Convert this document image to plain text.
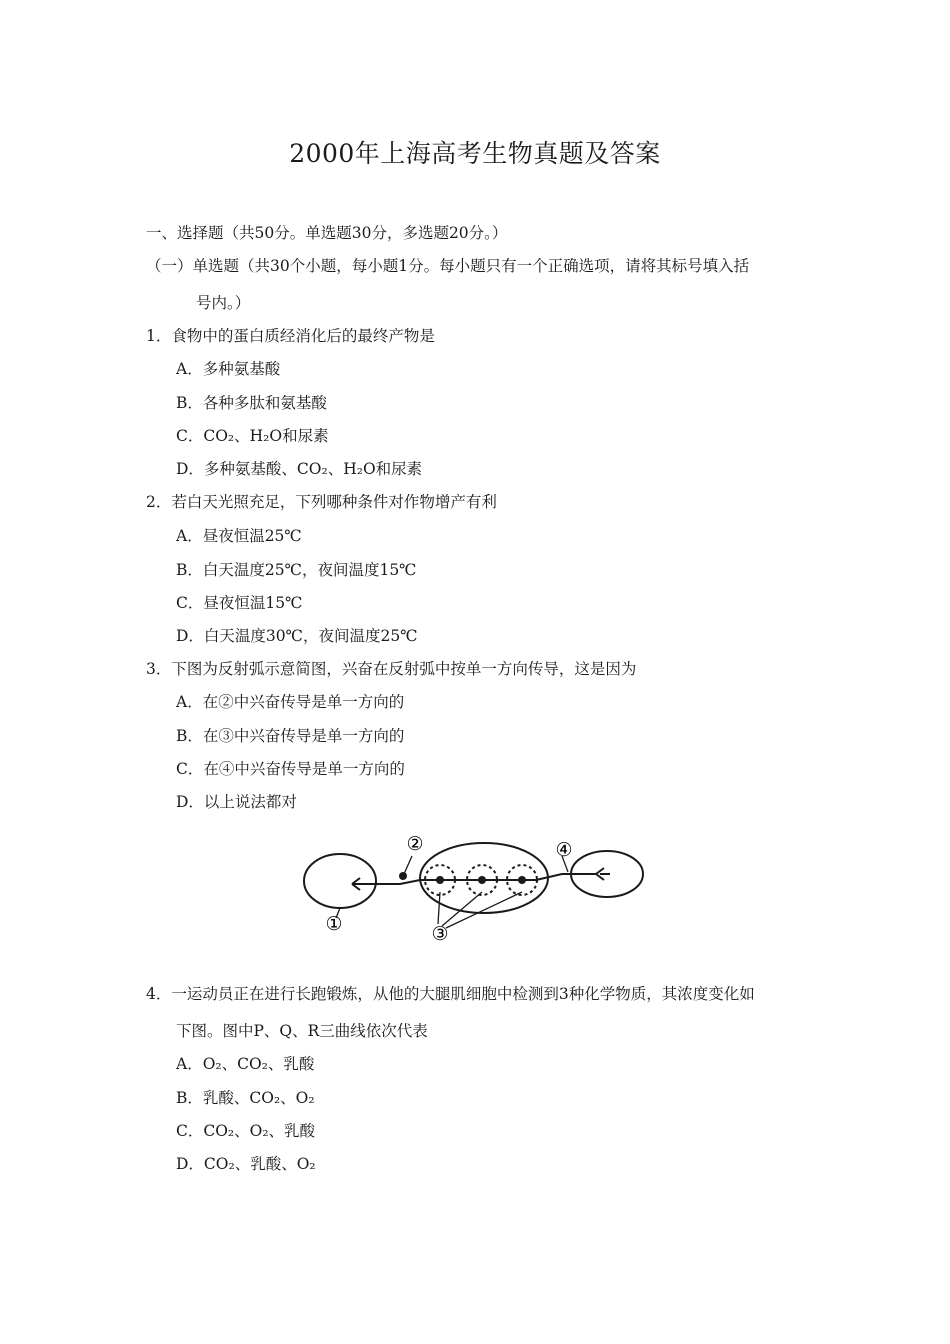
2000年上海高考生物真题及答案
一、选择题（共50分。单选题30分，多选题20分。）
（一）单选题（共30个小题，每小题1分。每小题只有一个正确选项，请将其标号填入括
号内。）
1．食物中的蛋白质经消化后的最终产物是
A．多种氨基酸
B．各种多肽和氨基酸
C．CO₂、H₂O和尿素
D．多种氨基酸、CO₂、H₂O和尿素
2．若白天光照充足，下列哪种条件对作物增产有利
A．昼夜恒温25℃
B．白天温度25℃，夜间温度15℃
C．昼夜恒温15℃
D．白天温度30℃，夜间温度25℃
3．下图为反射弧示意简图，兴奋在反射弧中按单一方向传导，这是因为
A．在②中兴奋传导是单一方向的
B．在③中兴奋传导是单一方向的
C．在④中兴奋传导是单一方向的
D．以上说法都对
①
②
③
④
4．一运动员正在进行长跑锻炼，从他的大腿肌细胞中检测到3种化学物质，其浓度变化如
下图。图中P、Q、R三曲线依次代表
A．O₂、CO₂、乳酸
B．乳酸、CO₂、O₂
C．CO₂、O₂、乳酸
D．CO₂、乳酸、O₂
